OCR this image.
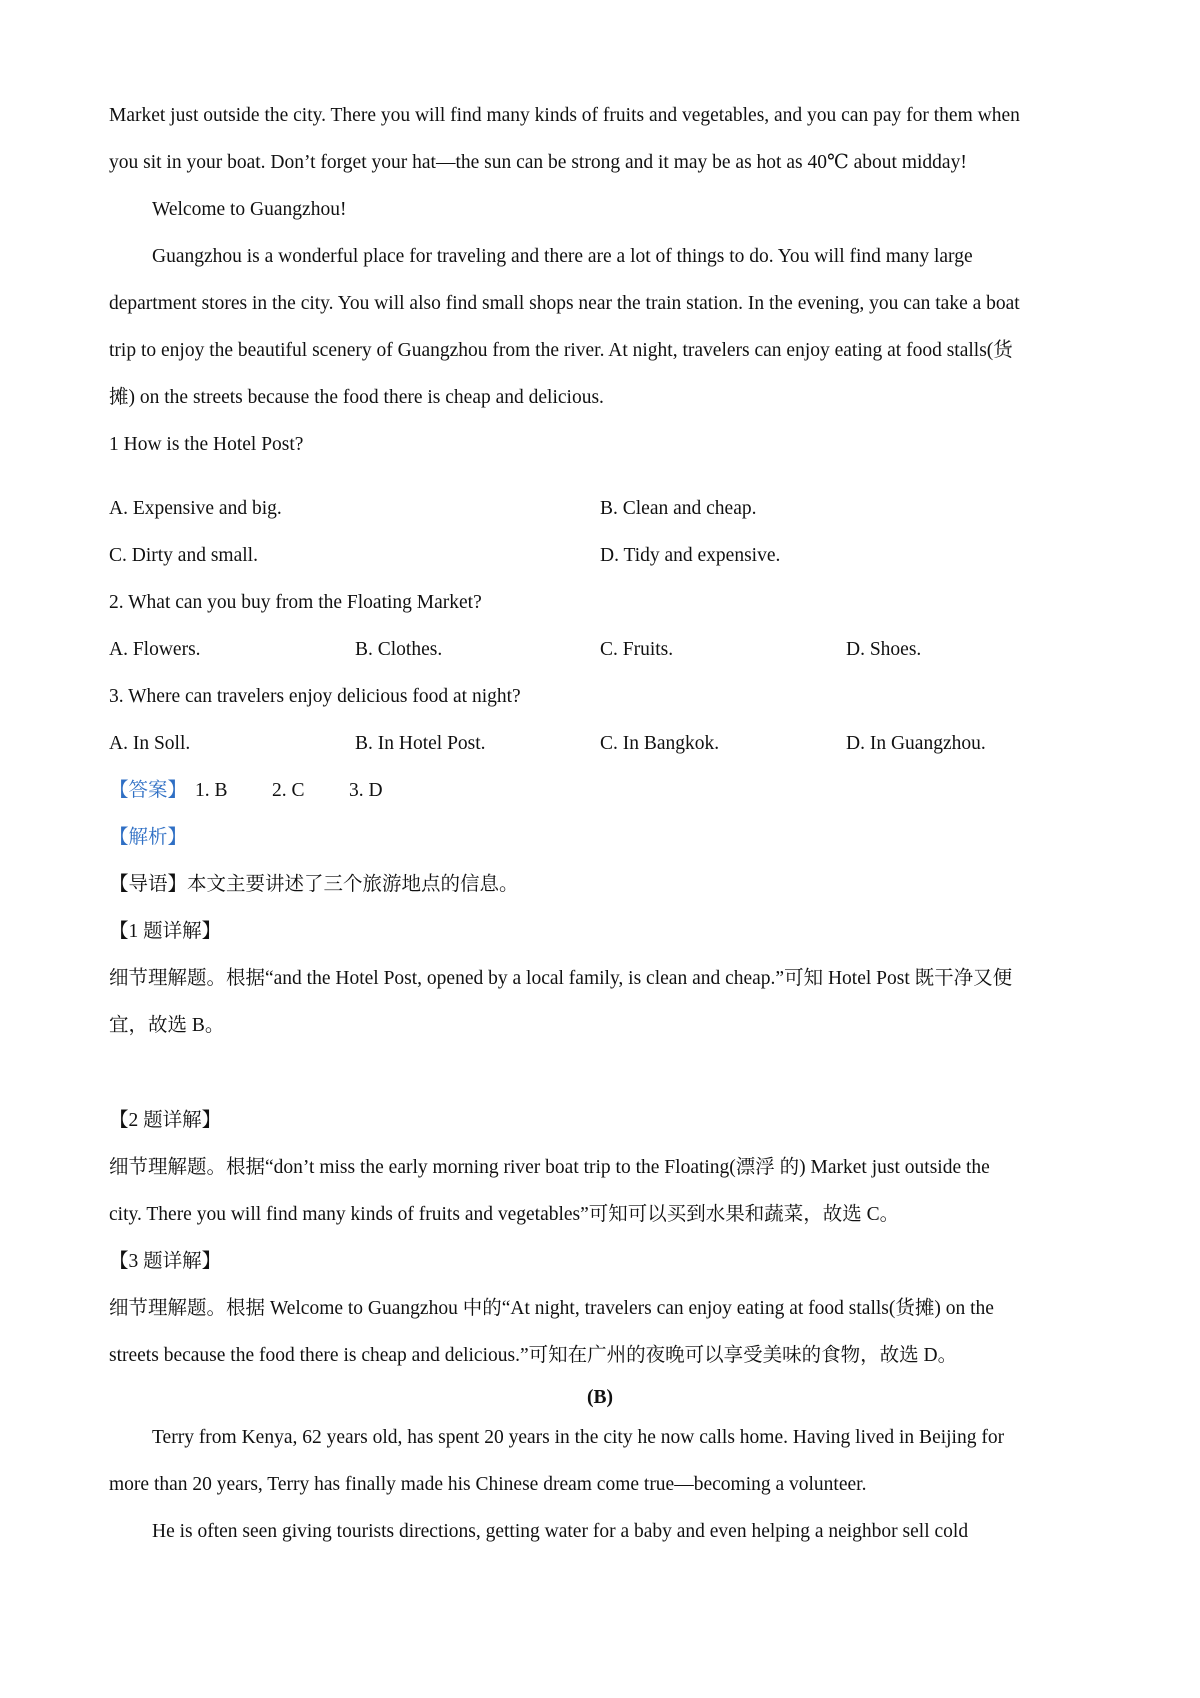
Market just outside the city. There you will find many kinds of fruits and vegetables, and you can pay for them when
you sit in your boat. Don’t forget your hat—the sun can be strong and it may be as hot as 40℃ about midday!
Welcome to Guangzhou!
Guangzhou is a wonderful place for traveling and there are a lot of things to do. You will find many large
department stores in the city. You will also find small shops near the train station. In the evening, you can take a boat
trip to enjoy the beautiful scenery of Guangzhou from the river. At night, travelers can enjoy eating at food stalls(货
摊) on the streets because the food there is cheap and delicious.
1 How is the Hotel Post?
A. Expensive and big.	B. Clean and cheap.
C. Dirty and small.	D. Tidy and expensive.
2. What can you buy from the Floating Market?
A. Flowers.	B. Clothes.	C. Fruits.	D. Shoes.
3. Where can travelers enjoy delicious food at night?
A. In Soll.	B. In Hotel Post.	C. In Bangkok.	D. In Guangzhou.
【答案】 1. B 2. C 3. D
【解析】
【导语】本文主要讲述了三个旅游地点的信息。
【1 题详解】
细节理解题。根据“and the Hotel Post, opened by a local family, is clean and cheap.”可知 Hotel Post 既干净又便
宜，故选 B。
【2 题详解】
细节理解题。根据“don’t miss the early morning river boat trip to the Floating(漂浮 的) Market just outside the
city. There you will find many kinds of fruits and vegetables”可知可以买到水果和蔬菜，故选 C。
【3 题详解】
细节理解题。根据 Welcome to Guangzhou 中的“At night, travelers can enjoy eating at food stalls(货摊) on the
streets because the food there is cheap and delicious.”可知在广州的夜晚可以享受美味的食物，故选 D。
(B)
Terry from Kenya, 62 years old, has spent 20 years in the city he now calls home. Having lived in Beijing for
more than 20 years, Terry has finally made his Chinese dream come true—becoming a volunteer.
He is often seen giving tourists directions, getting water for a baby and even helping a neighbor sell cold
